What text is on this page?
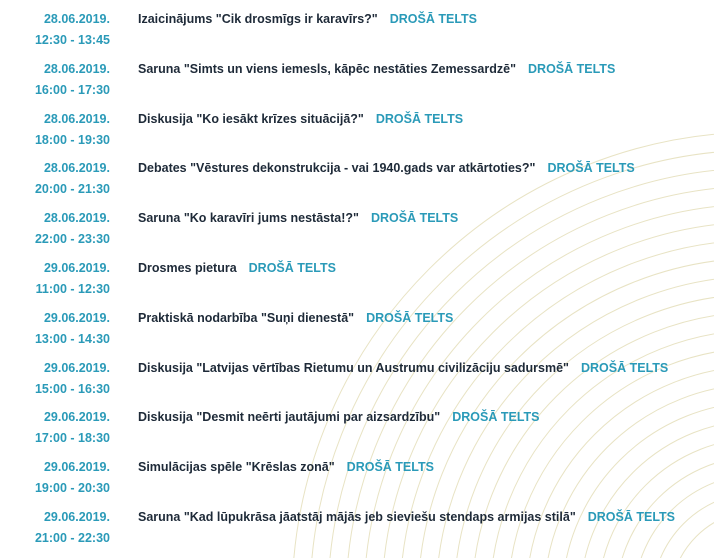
28.06.2019.
12:30 - 13:45
Izaicinājums "Cik drosmīgs ir karavīrs?" DROŠĀ TELTS
28.06.2019.
16:00 - 17:30
Saruna "Simts un viens iemesls, kāpēc nestāties Zemessardzē" DROŠĀ TELTS
28.06.2019.
18:00 - 19:30
Diskusija "Ko iesākt krīzes situācijā?" DROŠĀ TELTS
28.06.2019.
20:00 - 21:30
Debates "Vēstures dekonstrukcija - vai 1940.gads var atkārtoties?" DROŠĀ TELTS
28.06.2019.
22:00 - 23:30
Saruna "Ko karavīri jums nestāsta!?" DROŠĀ TELTS
29.06.2019.
11:00 - 12:30
Drosmes pietura DROŠĀ TELTS
29.06.2019.
13:00 - 14:30
Praktiskā nodarbība "Suņi dienestā" DROŠĀ TELTS
29.06.2019.
15:00 - 16:30
Diskusija "Latvijas vērtības Rietumu un Austrumu civilizāciju sadursmē" DROŠĀ TELTS
29.06.2019.
17:00 - 18:30
Diskusija "Desmit neērti jautājumi par aizsardzību" DROŠĀ TELTS
29.06.2019.
19:00 - 20:30
Simulācijas spēle "Krēslas zonā" DROŠĀ TELTS
29.06.2019.
21:00 - 22:30
Saruna "Kad lūpukrāsa jāatstāj mājās jeb sieviešu stendaps armijas stilā" DROŠĀ TELTS
